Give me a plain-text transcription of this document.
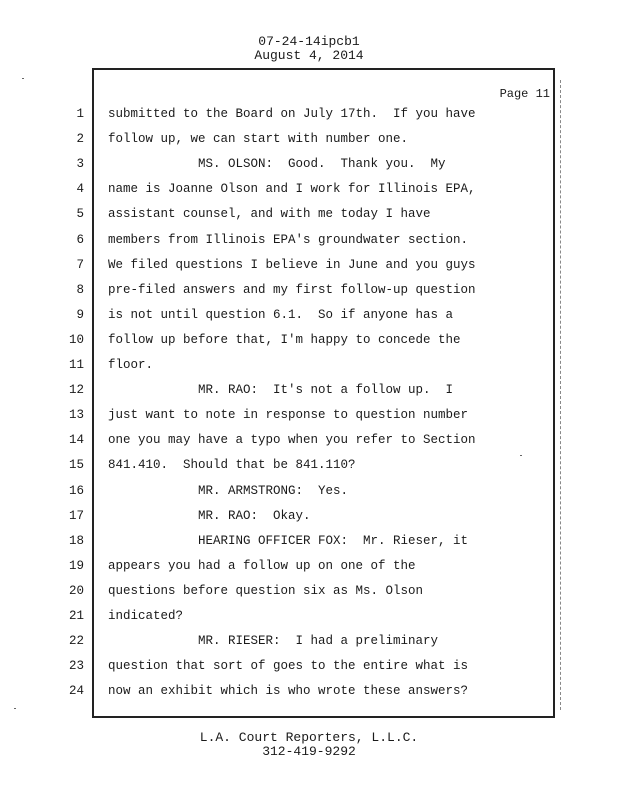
07-24-14ipcb1
August 4, 2014
Page 11
1 submitted to the Board on July 17th.  If you have
2 follow up, we can start with number one.
3 MS. OLSON:  Good.  Thank you.  My
4 name is Joanne Olson and I work for Illinois EPA,
5 assistant counsel, and with me today I have
6 members from Illinois EPA's groundwater section.
7 We filed questions I believe in June and you guys
8 pre-filed answers and my first follow-up question
9 is not until question 6.1.  So if anyone has a
10 follow up before that, I'm happy to concede the
11 floor.
12 MR. RAO:  It's not a follow up.  I
13 just want to note in response to question number
14 one you may have a typo when you refer to Section
15 841.410.  Should that be 841.110?
16 MR. ARMSTRONG:  Yes.
17 MR. RAO:  Okay.
18 HEARING OFFICER FOX:  Mr. Rieser, it
19 appears you had a follow up on one of the
20 questions before question six as Ms. Olson
21 indicated?
22 MR. RIESER:  I had a preliminary
23 question that sort of goes to the entire what is
24 now an exhibit which is who wrote these answers?
L.A. Court Reporters, L.L.C.
312-419-9292
